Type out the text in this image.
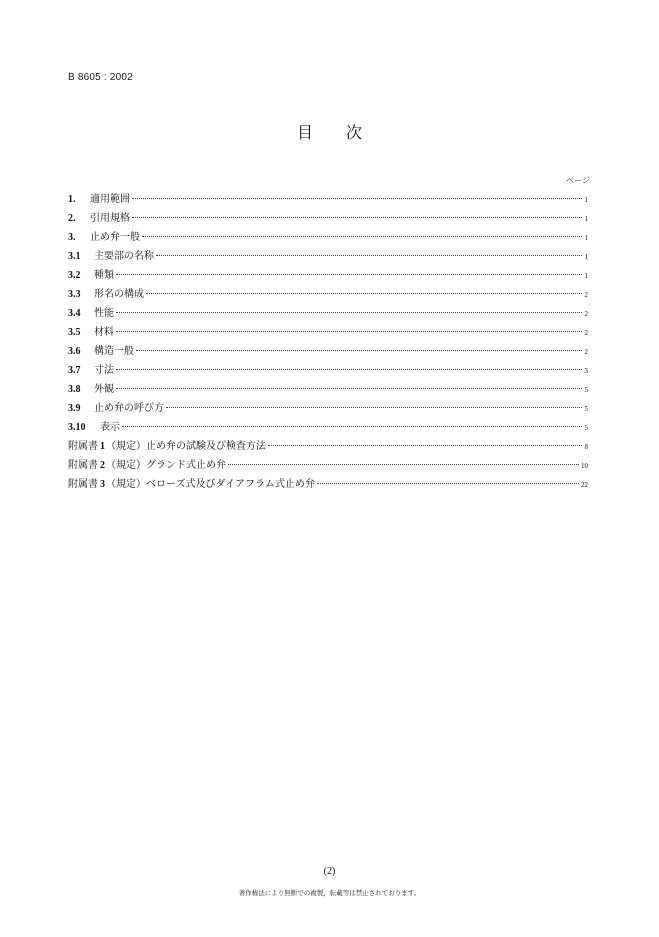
B 8605 : 2002
目 次
ページ
1.	適用範囲	1
2.	引用規格	1
3.	止め弁一般	1
3.1	主要部の名称	1
3.2	種類	1
3.3	形名の構成	2
3.4	性能	2
3.5	材料	2
3.6	構造一般	2
3.7	寸法	3
3.8	外観	5
3.9	止め弁の呼び方	5
3.10	表示	5
附属書 1 （規定）止め弁の試験及び検査方法	8
附属書 2 （規定）グランド式止め弁	10
附属書 3 （規定）ベローズ式及びダイアフラム式止め弁	22
(2)
著作権法により無断での複製，転載等は禁止されております。
